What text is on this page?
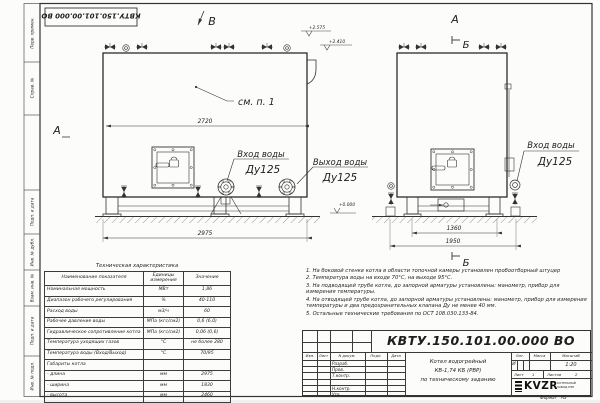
Перв. примен.
Справ. №
Подп. и дата
Инв. № дубл.
Взам. инв. №
Подп. и дата
Инв. № подл.
КВТУ.150.101.00.000 ВО
+2.575
+2.410
В
А
см. п. 1
2720
2975
Вход воды
Ду125
Выход воды
Ду125
А
Б
+0.000
1360
1950
Б
Вход воды
Ду125
Техническая характеристика
Наименование показателя	Единицы измерения	Значение
Номинальная мощность	МВт	1,86
Диапазон рабочего регулирования	%	40-110
Расход воды	м3/ч	60
Рабочее давление воды	МПа (кгс/см2)	0,6 (6,0)
Гидравлическое сопротивление котла	МПа (кгс/см2)	0,06 (0,6)
Температура уходящих газов	°С	не более 280
Температура воды (Вход/Выход)	°С	70/95
Габариты котла		
- длина	мм	2975
- ширина	мм	1830
- высота	мм	2460
1. На боковой стенке котла в области топочной камеры установлен пробоотборный штуцер
2. Температура воды на входе 70°С, на выходе 95°С.
3. На подводящей трубе котла, до запорной арматуры установлены: манометр, прибор для измерения температуры.
4. На отводящей трубе котла, до запорной арматуры установлены: манометр, прибор для измерения температуры и два предохранительных клапана Ду не менее 40 мм.
5. Остальные технические требования по ОСТ 108.030.133-84.
КВТУ.150.101.00.000 ВО
Изм. Лист	N докум.	Подп.	Дата
Разраб.
Пров.
Т.контр.
Н.контр.
Утв.
Котел водогрейный
КВ-1,74 КБ (РВР)
по техническому заданию
Лит.	Масса	Масштаб
И	1:20
Лист 1	Листов	2
KVZR КОТЕЛЬНЫЙ
ЗАВОД РЭП
Формат А3
